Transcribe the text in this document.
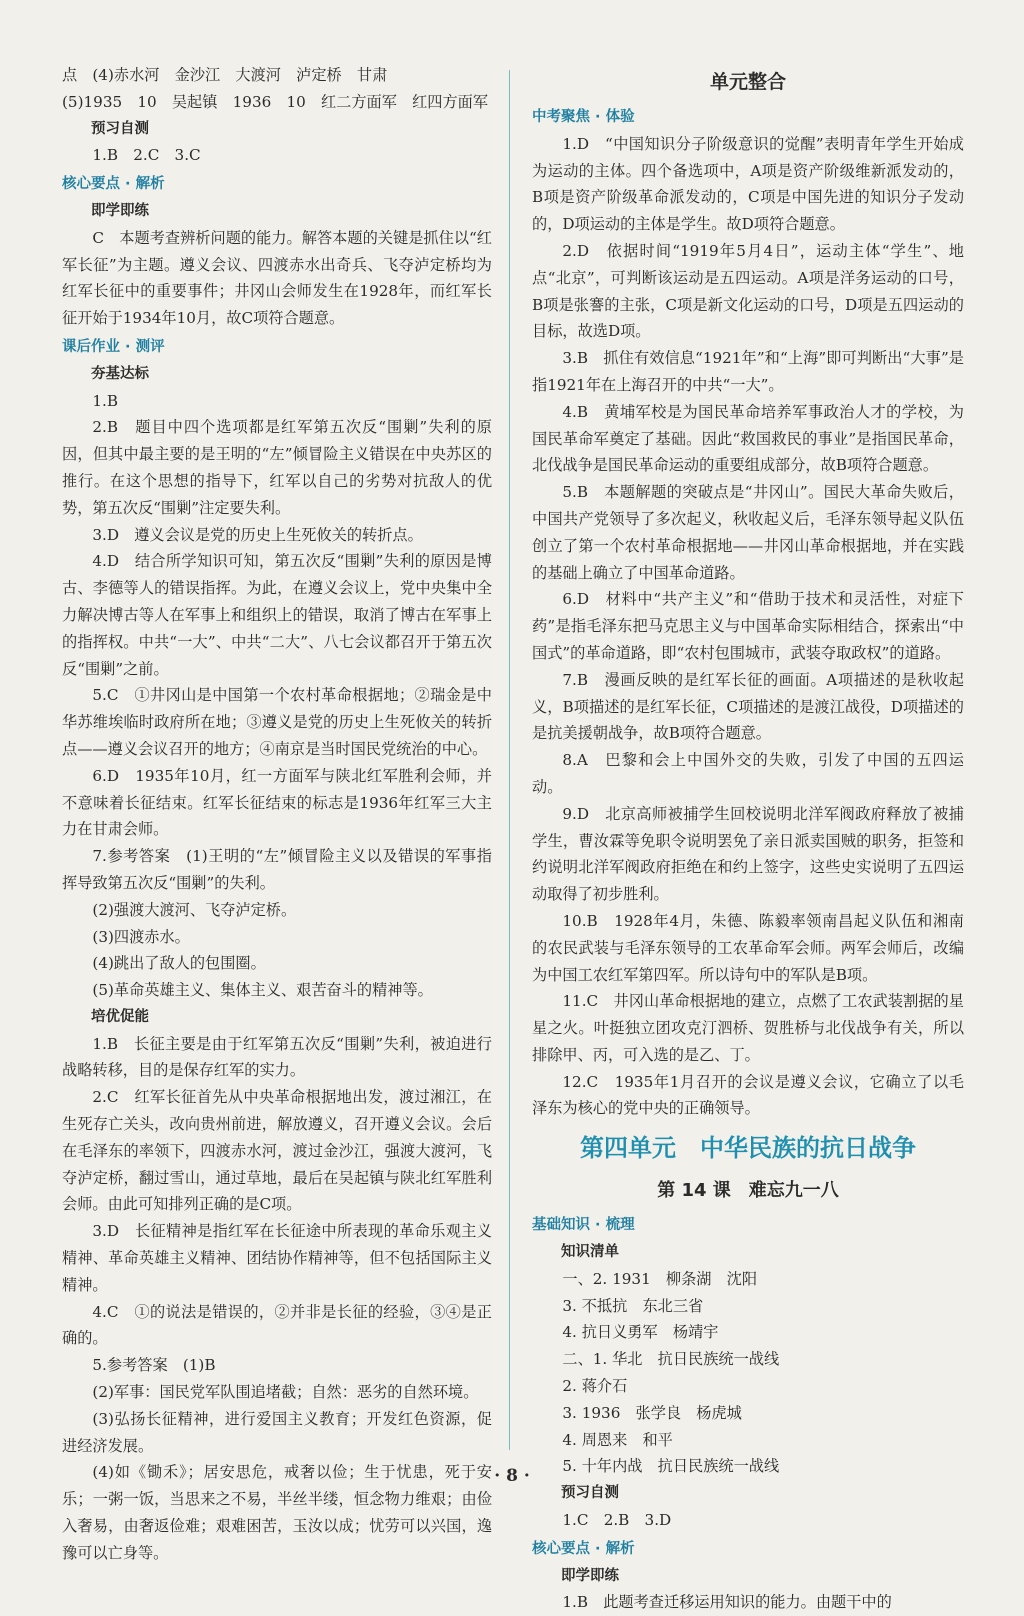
点　(4)赤水河　金沙江　大渡河　泸定桥　甘肃
(5)1935　10　吴起镇　1936　10　红二方面军　红四方面军
预习自测
1.B　2.C　3.C
核心要点 · 解析
即学即练
C　本题考查辨析问题的能力。解答本题的关键是抓住以“红军长征”为主题。遵义会议、四渡赤水出奇兵、飞夺泸定桥均为红军长征中的重要事件；井冈山会师发生在1928年，而红军长征开始于1934年10月，故C项符合题意。
课后作业 · 测评
夯基达标
1.B
2.B　题目中四个选项都是红军第五次反“围剿”失利的原因，但其中最主要的是王明的“左”倾冒险主义错误在中央苏区的推行。在这个思想的指导下，红军以自己的劣势对抗敌人的优势，第五次反“围剿”注定要失利。
3.D　遵义会议是党的历史上生死攸关的转折点。
4.D　结合所学知识可知，第五次反“围剿”失利的原因是博古、李德等人的错误指挥。为此，在遵义会议上，党中央集中全力解决博古等人在军事上和组织上的错误，取消了博古在军事上的指挥权。中共“一大”、中共“二大”、八七会议都召开于第五次反“围剿”之前。
5.C　①井冈山是中国第一个农村革命根据地；②瑞金是中华苏维埃临时政府所在地；③遵义是党的历史上生死攸关的转折点——遵义会议召开的地方；④南京是当时国民党统治的中心。
6.D　1935年10月，红一方面军与陕北红军胜利会师，并不意味着长征结束。红军长征结束的标志是1936年红军三大主力在甘肃会师。
7.参考答案　(1)王明的“左”倾冒险主义以及错误的军事指挥导致第五次反“围剿”的失利。
(2)强渡大渡河、飞夺泸定桥。
(3)四渡赤水。
(4)跳出了敌人的包围圈。
(5)革命英雄主义、集体主义、艰苦奋斗的精神等。
培优促能
1.B　长征主要是由于红军第五次反“围剿”失利，被迫进行战略转移，目的是保存红军的实力。
2.C　红军长征首先从中央革命根据地出发，渡过湘江，在生死存亡关头，改向贵州前进，解放遵义，召开遵义会议。会后在毛泽东的率领下，四渡赤水河，渡过金沙江，强渡大渡河，飞夺泸定桥，翻过雪山，通过草地，最后在吴起镇与陕北红军胜利会师。由此可知排列正确的是C项。
3.D　长征精神是指红军在长征途中所表现的革命乐观主义精神、革命英雄主义精神、团结协作精神等，但不包括国际主义精神。
4.C　①的说法是错误的，②并非是长征的经验，③④是正确的。
5.参考答案　(1)B
(2)军事：国民党军队围追堵截；自然：恶劣的自然环境。
(3)弘扬长征精神，进行爱国主义教育；开发红色资源，促进经济发展。
(4)如《锄禾》；居安思危，戒奢以俭；生于忧患，死于安乐；一粥一饭，当思来之不易，半丝半缕，恒念物力维艰；由俭入奢易，由奢返俭难；艰难困苦，玉汝以成；忧劳可以兴国，逸豫可以亡身等。
单元整合
中考聚焦 · 体验
1.D　“中国知识分子阶级意识的觉醒”表明青年学生开始成为运动的主体。四个备选项中，A项是资产阶级维新派发动的，B项是资产阶级革命派发动的，C项是中国先进的知识分子发动的，D项运动的主体是学生。故D项符合题意。
2.D　依据时间“1919年5月4日”，运动主体“学生”、地点“北京”，可判断该运动是五四运动。A项是洋务运动的口号，B项是张謇的主张，C项是新文化运动的口号，D项是五四运动的目标，故选D项。
3.B　抓住有效信息“1921年”和“上海”即可判断出“大事”是指1921年在上海召开的中共“一大”。
4.B　黄埔军校是为国民革命培养军事政治人才的学校，为国民革命军奠定了基础。因此“救国救民的事业”是指国民革命，北伐战争是国民革命运动的重要组成部分，故B项符合题意。
5.B　本题解题的突破点是“井冈山”。国民大革命失败后，中国共产党领导了多次起义，秋收起义后，毛泽东领导起义队伍创立了第一个农村革命根据地——井冈山革命根据地，并在实践的基础上确立了中国革命道路。
6.D　材料中“共产主义”和“借助于技术和灵活性，对症下药”是指毛泽东把马克思主义与中国革命实际相结合，探索出“中国式”的革命道路，即“农村包围城市，武装夺取政权”的道路。
7.B　漫画反映的是红军长征的画面。A项描述的是秋收起义，B项描述的是红军长征，C项描述的是渡江战役，D项描述的是抗美援朝战争，故B项符合题意。
8.A　巴黎和会上中国外交的失败，引发了中国的五四运动。
9.D　北京高师被捕学生回校说明北洋军阀政府释放了被捕学生，曹汝霖等免职令说明罢免了亲日派卖国贼的职务，拒签和约说明北洋军阀政府拒绝在和约上签字，这些史实说明了五四运动取得了初步胜利。
10.B　1928年4月，朱德、陈毅率领南昌起义队伍和湘南的农民武装与毛泽东领导的工农革命军会师。两军会师后，改编为中国工农红军第四军。所以诗句中的军队是B项。
11.C　井冈山革命根据地的建立，点燃了工农武装割据的星星之火。叶挺独立团攻克汀泗桥、贺胜桥与北伐战争有关，所以排除甲、丙，可入选的是乙、丁。
12.C　1935年1月召开的会议是遵义会议，它确立了以毛泽东为核心的党中央的正确领导。
第四单元　中华民族的抗日战争
第 14 课　难忘九一八
基础知识 · 梳理
知识清单
一、2. 1931　柳条湖　沈阳
3. 不抵抗　东北三省
4. 抗日义勇军　杨靖宇
二、1. 华北　抗日民族统一战线
2. 蒋介石
3. 1936　张学良　杨虎城
4. 周恩来　和平
5. 十年内战　抗日民族统一战线
预习自测
1.C　2.B　3.D
核心要点 · 解析
即学即练
1.B　此题考查迁移运用知识的能力。由题干中的
· 8 ·
